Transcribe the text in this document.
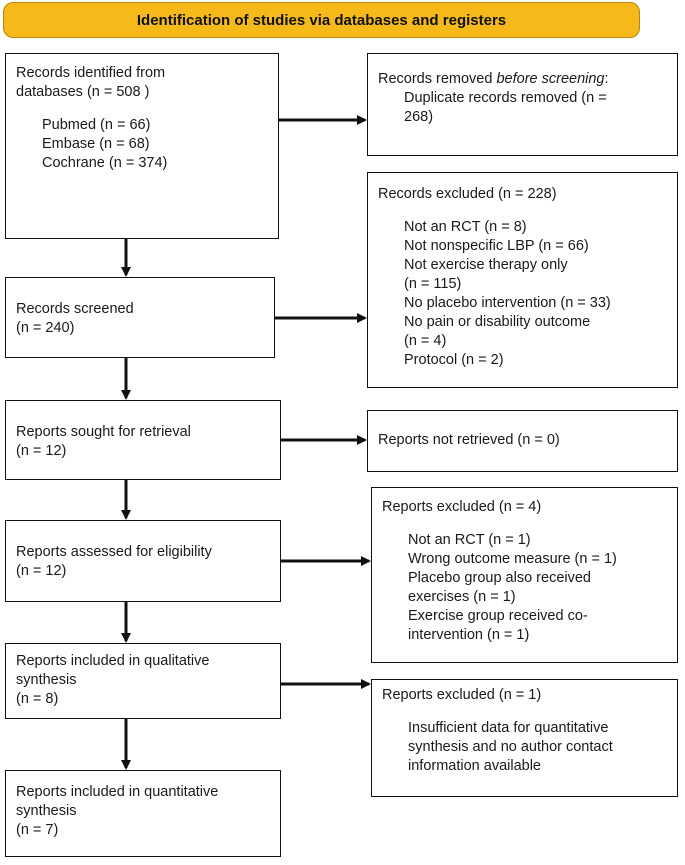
Identification of studies via databases and registers
Records identified from
databases (n = 508 )
Pubmed (n = 66)
Embase (n = 68)
Cochrane (n = 374)
Records screened
(n = 240)
Reports sought for retrieval
(n = 12)
Reports assessed for eligibility
(n = 12)
Reports included in qualitative
synthesis
(n = 8)
Reports included in quantitative
synthesis
(n = 7)
Records removed before screening:
Duplicate records removed (n =
268)
Records excluded (n = 228)
Not an RCT (n = 8)
Not nonspecific LBP (n = 66)
Not exercise therapy only
(n = 115)
No placebo intervention (n = 33)
No pain or disability outcome
(n = 4)
Protocol (n = 2)
Reports not retrieved (n = 0)
Reports excluded (n = 4)
Not an RCT (n = 1)
Wrong outcome measure (n = 1)
Placebo group also received
exercises (n = 1)
Exercise group received co-
intervention (n = 1)
Reports excluded (n = 1)
Insufficient data for quantitative
synthesis and no author contact
information available
